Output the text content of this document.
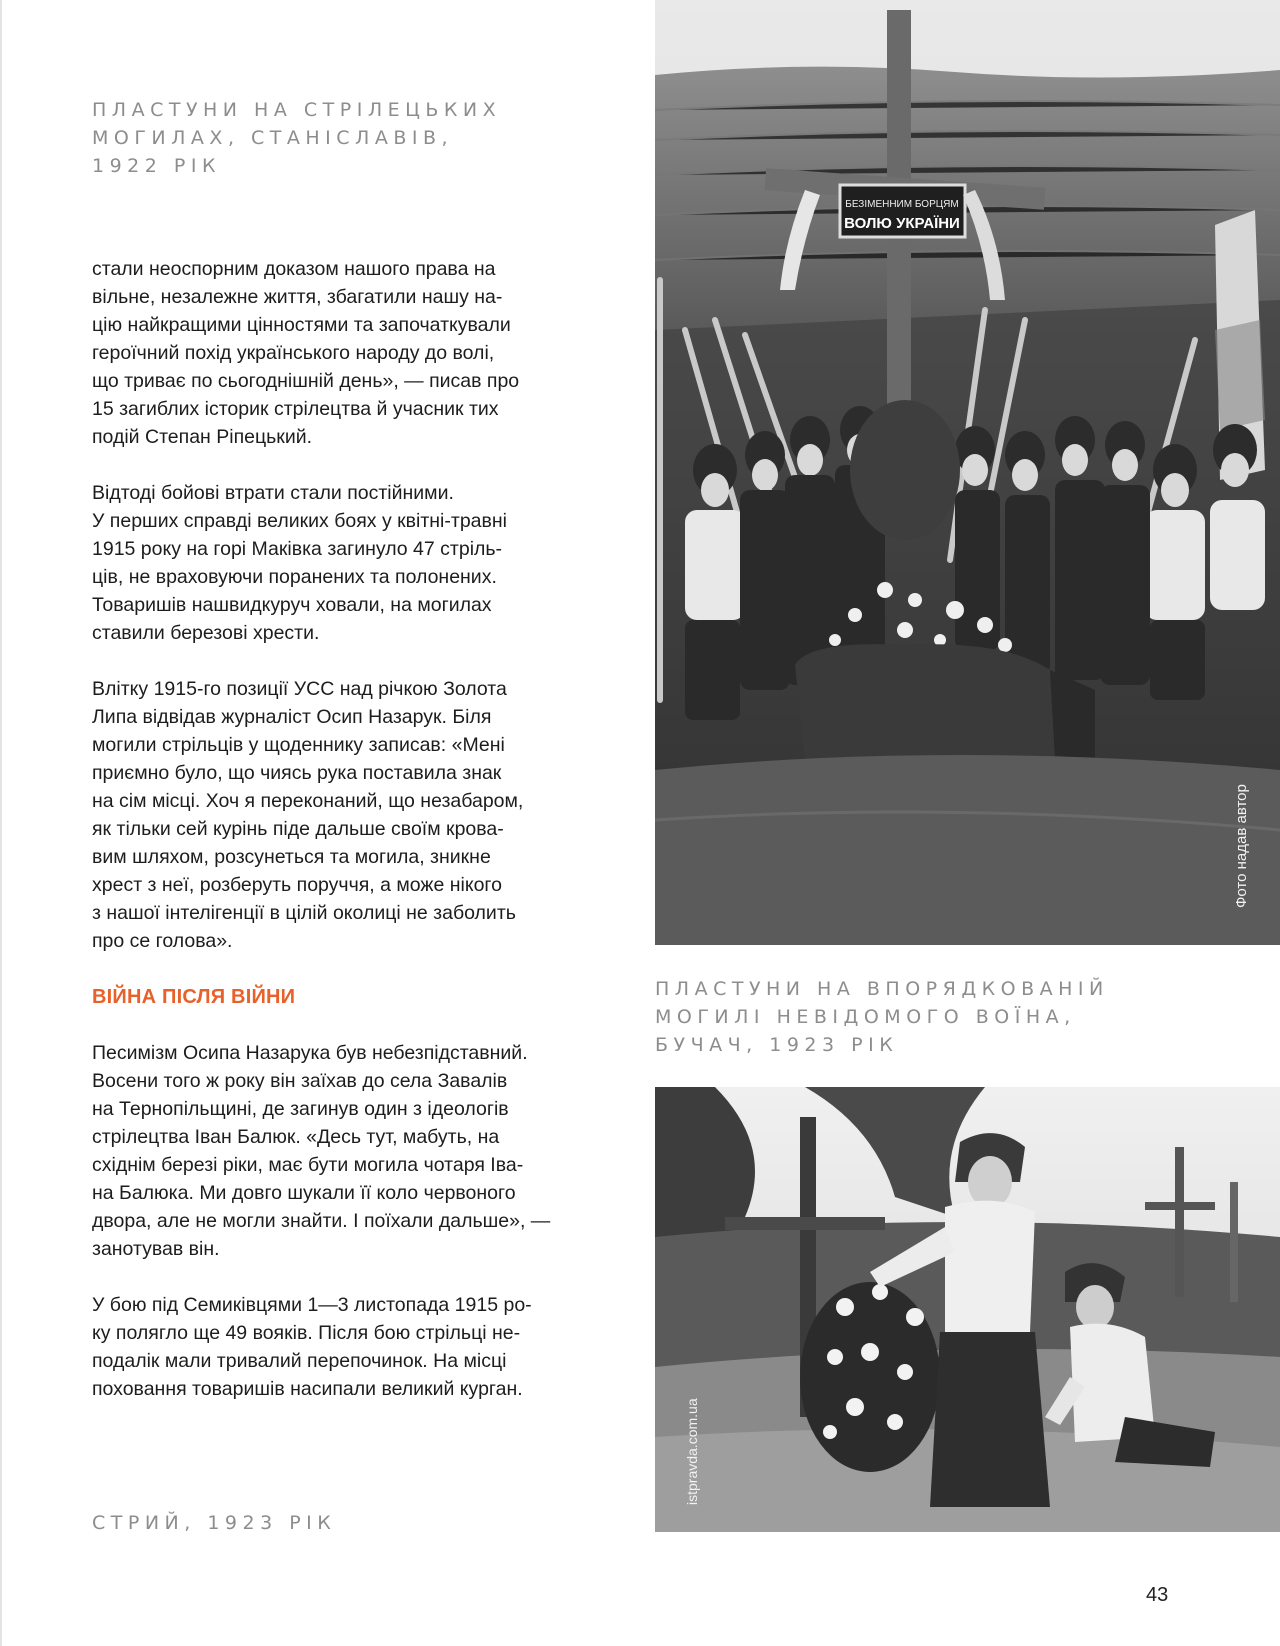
ПЛАСТУНИ НА СТРІЛЕЦЬКИХ
МОГИЛАХ, СТАНІСЛАВІВ,
1922 РІК

стали неоспорним доказом нашого права на
вільне, незалежне життя, збагатили нашу на-
цію найкращими цінностями та започаткували
героїчний похід українського народу до волі,
що триває по сьогоднішній день», — писав про
15 загиблих історик стрілецтва й учасник тих
подій Степан Ріпецький.

Відтоді бойові втрати стали постійними.
У перших справді великих боях у квітні-травні
1915 року на горі Маківка загинуло 47 стріль-
ців, не враховуючи поранених та полонених.
Товаришів нашвидкуруч ховали, на могилах
ставили березові хрести.

Влітку 1915-го позиції УСС над річкою Золота
Липа відвідав журналіст Осип Назарук. Біля
могили стрільців у щоденнику записав: «Мені
приємно було, що чиясь рука поставила знак
на сім місці. Хоч я переконаний, що незабаром,
як тільки сей курінь піде дальше своїм крова-
вим шляхом, розсунеться та могила, зникне
хрест з неї, розберуть поруччя, а може нікого
з нашої інтелігенції в цілій околиці не заболить
про се голова».

ВІЙНА ПІСЛЯ ВІЙНИ

Песимізм Осипа Назарука був небезпідставний.
Восени того ж року він заїхав до села Завалів
на Тернопільщині, де загинув один з ідеологів
стрілецтва Іван Балюк. «Десь тут, мабуть, на
східнім березі ріки, має бути могила чотаря Іва-
на Балюка. Ми довго шукали її коло червоного
двора, але не могли знайти. І поїхали дальше», —
занотував він.

У бою під Семиківцями 1—3 листопада 1915 ро-
ку полягло ще 49 вояків. Після бою стрільці не-
подалік мали тривалий перепочинок. На місці
поховання товаришів насипали великий курган.

СТРИЙ, 1923 РІК
БЕЗІМЕННИМ БОРЦЯМ
ВОЛЮ УКРАЇНИ
Фото надав автор
ПЛАСТУНИ НА ВПОРЯДКОВАНІЙ
МОГИЛІ НЕВІДОМОГО ВОЇНА,
БУЧАЧ, 1923 РІК
istpravda.com.ua
43
